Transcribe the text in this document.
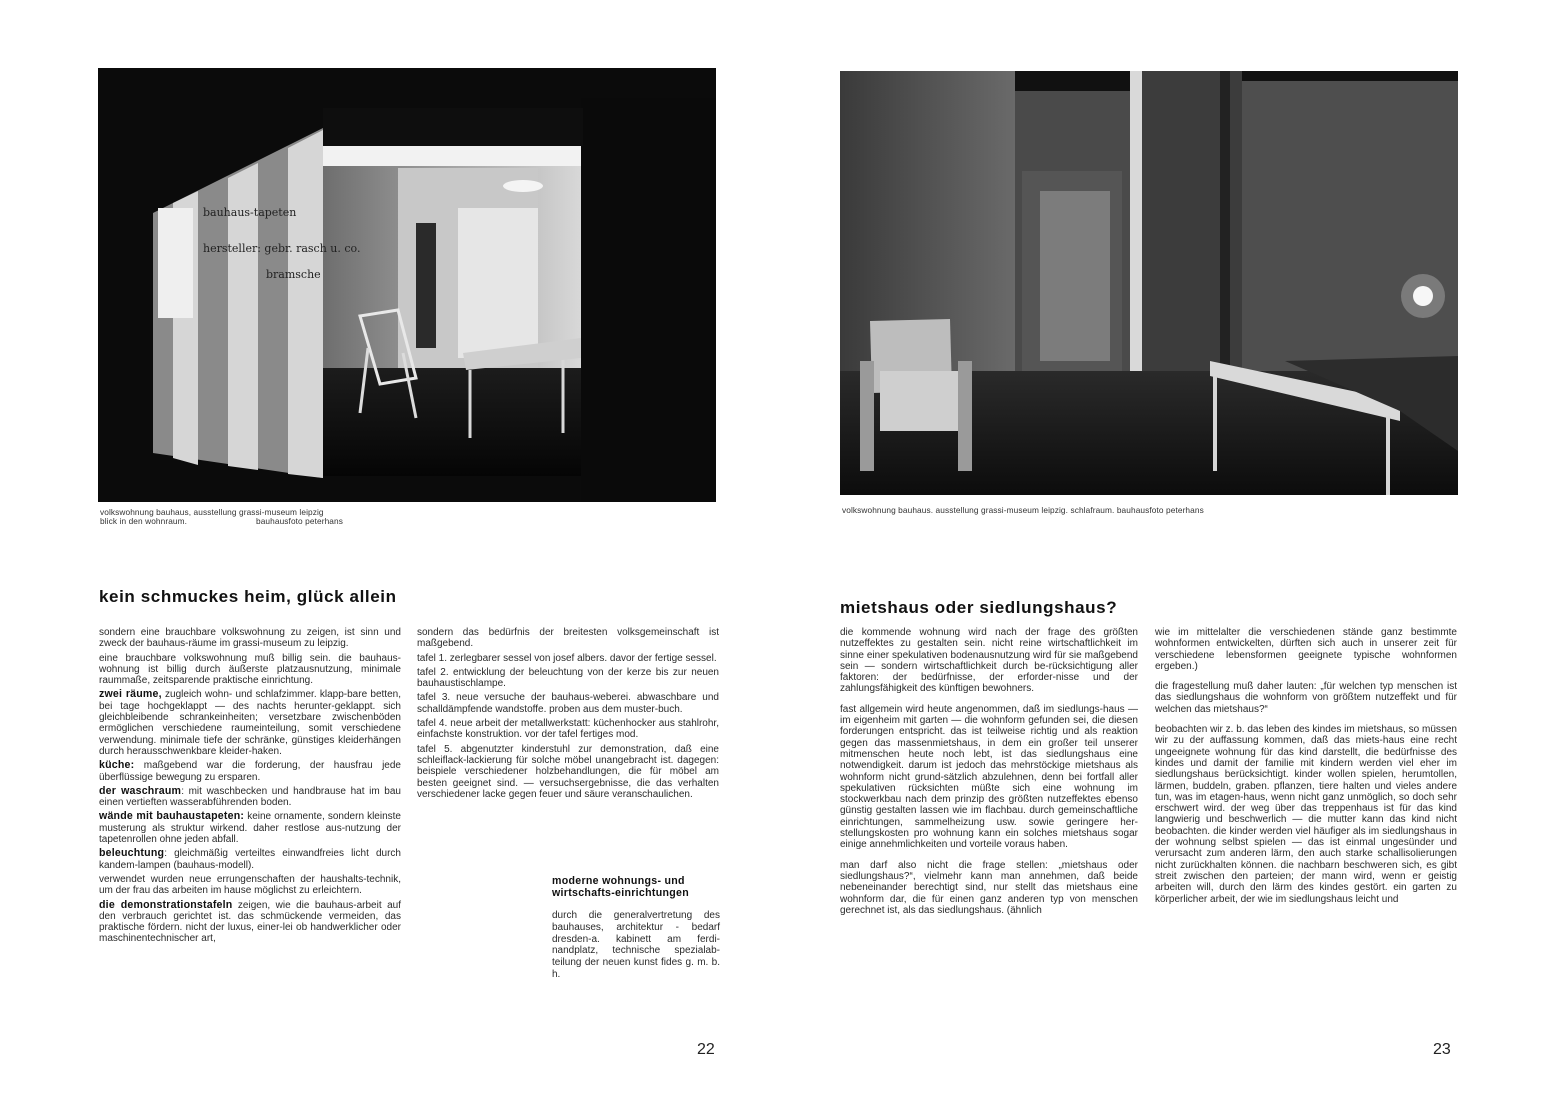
bauhaus-tapeten
hersteller: gebr. rasch u. co.
bramsche
volkswohnung bauhaus, ausstellung grassi-museum leipzig
blick in den wohnraum.	bauhausfoto peterhans
kein schmuckes heim, glück allein

sondern eine brauchbare volkswohnung zu zeigen, ist sinn und zweck der bauhaus-räume im grassi-museum zu leipzig.

eine brauchbare volkswohnung muß billig sein. die bauhaus-wohnung ist billig durch äußerste platzausnutzung, minimale raummaße, zeitsparende praktische einrichtung.

zwei räume, zugleich wohn- und schlafzimmer. klapp-bare betten, bei tage hochgeklappt — des nachts herunter-geklappt. sich gleichbleibende schrankeinheiten; versetzbare zwischenböden ermöglichen verschiedene raumeinteilung, somit verschiedene verwendung. minimale tiefe der schränke, günstiges kleiderhängen durch herausschwenkbare kleider-haken.

küche: maßgebend war die forderung, der hausfrau jede überflüssige bewegung zu ersparen.

der waschraum: mit waschbecken und handbrause hat im bau einen vertieften wasserabführenden boden.

wände mit bauhaustapeten: keine ornamente, sondern kleinste musterung als struktur wirkend. daher restlose aus-nutzung der tapetenrollen ohne jeden abfall.

beleuchtung: gleichmäßig verteiltes einwandfreies licht durch kandem-lampen (bauhaus-modell).

verwendet wurden neue errungenschaften der haushalts-technik, um der frau das arbeiten im hause möglichst zu erleichtern.

die demonstrationstafeln zeigen, wie die bauhaus-arbeit auf den verbrauch gerichtet ist. das schmückende vermeiden, das praktische fördern. nicht der luxus, einer-lei ob handwerklicher oder maschinentechnischer art,

sondern das bedürfnis der breitesten volksgemeinschaft ist maßgebend.

tafel 1. zerlegbarer sessel von josef albers. davor der fertige sessel.

tafel 2. entwicklung der beleuchtung von der kerze bis zur neuen bauhaustischlampe.

tafel 3. neue versuche der bauhaus-weberei. abwaschbare und schalldämpfende wandstoffe. proben aus dem muster-buch.

tafel 4. neue arbeit der metallwerkstatt: küchenhocker aus stahlrohr, einfachste konstruktion. vor der tafel fertiges mod.

tafel 5. abgenutzter kinderstuhl zur demonstration, daß eine schleiflack-lackierung für solche möbel unangebracht ist. dagegen: beispiele verschiedener holzbehandlungen, die für möbel am besten geeignet sind. — versuchsergebnisse, die das verhalten verschiedener lacke gegen feuer und säure veranschaulichen.

moderne wohnungs- und wirtschafts-einrichtungen
durch die generalvertretung des bauhauses, architektur - bedarf dresden-a. kabinett am ferdi-nandplatz, technische spezialab-teilung der neuen kunst fides g. m. b. h.
22
volkswohnung bauhaus. ausstellung grassi-museum leipzig. schlafraum. bauhausfoto peterhans
mietshaus oder siedlungshaus?

die kommende wohnung wird nach der frage des größten nutzeffektes zu gestalten sein. nicht reine wirtschaftlichkeit im sinne einer spekulativen bodenausnutzung wird für sie maßgebend sein — sondern wirtschaftlichkeit durch be-rücksichtigung aller faktoren: der bedürfnisse, der erforder-nisse und der zahlungsfähigkeit des künftigen bewohners.

fast allgemein wird heute angenommen, daß im siedlungs-haus — im eigenheim mit garten — die wohnform gefunden sei, die diesen forderungen entspricht. das ist teilweise richtig und als reaktion gegen das massenmietshaus, in dem ein großer teil unserer mitmenschen heute noch lebt, ist das siedlungshaus eine notwendigkeit. darum ist jedoch das mehrstöckige mietshaus als wohnform nicht grund-sätzlich abzulehnen, denn bei fortfall aller spekulativen rücksichten müßte sich eine wohnung im stockwerkbau nach dem prinzip des größten nutzeffektes ebenso günstig gestalten lassen wie im flachbau. durch gemeinschaftliche einrichtungen, sammelheizung usw. sowie geringere her-stellungskosten pro wohnung kann ein solches mietshaus sogar einige annehmlichkeiten und vorteile voraus haben.

man darf also nicht die frage stellen: „mietshaus oder siedlungshaus?“, vielmehr kann man annehmen, daß beide nebeneinander berechtigt sind, nur stellt das mietshaus eine wohnform dar, die für einen ganz anderen typ von menschen gerechnet ist, als das siedlungshaus. (ähnlich

wie im mittelalter die verschiedenen stände ganz bestimmte wohnformen entwickelten, dürften sich auch in unserer zeit für verschiedene lebensformen geeignete typische wohnformen ergeben.)

die fragestellung muß daher lauten: „für welchen typ menschen ist das siedlungshaus die wohnform von größtem nutzeffekt und für welchen das mietshaus?“

beobachten wir z. b. das leben des kindes im mietshaus, so müssen wir zu der auffassung kommen, daß das miets-haus eine recht ungeeignete wohnung für das kind darstellt, die bedürfnisse des kindes und damit der familie mit kindern werden viel eher im siedlungshaus berücksichtigt. kinder wollen spielen, herumtollen, lärmen, buddeln, graben. pflanzen, tiere halten und vieles andere tun, was im etagen-haus, wenn nicht ganz unmöglich, so doch sehr erschwert wird. der weg über das treppenhaus ist für das kind langwierig und beschwerlich — die mutter kann das kind nicht beobachten. die kinder werden viel häufiger als im siedlungshaus in der wohnung selbst spielen — das ist einmal ungesünder und verursacht zum anderen lärm, den auch starke schallisolierungen nicht zurückhalten können. die nachbarn beschweren sich, es gibt streit zwischen den parteien; der mann wird, wenn er geistig arbeiten will, durch den lärm des kindes gestört. ein garten zu körperlicher arbeit, der wie im siedlungshaus leicht und

23
